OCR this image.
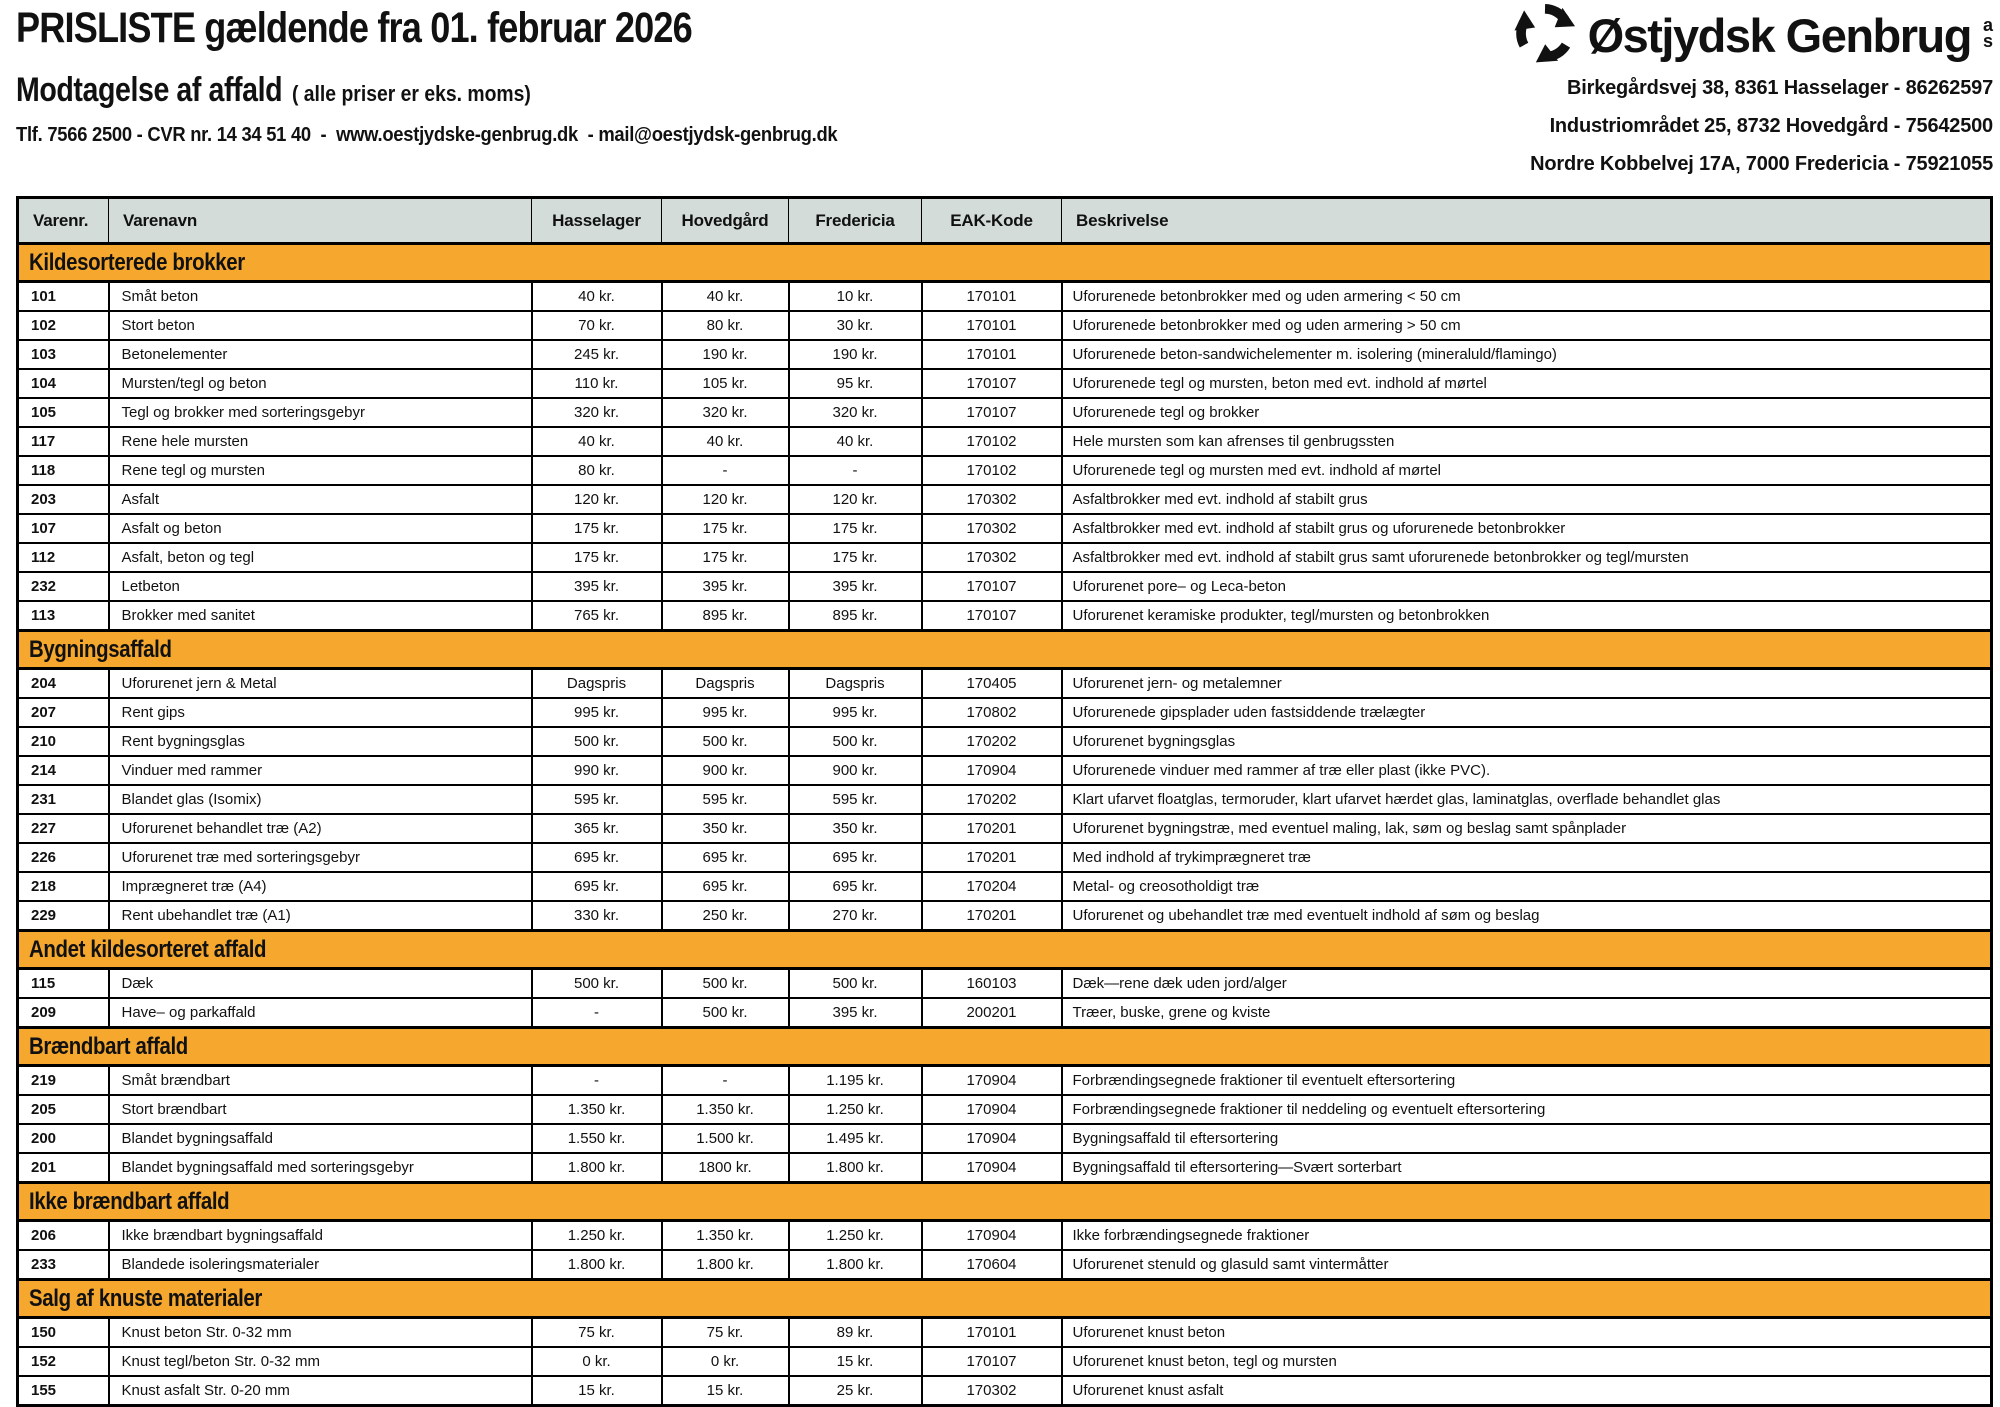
PRISLISTE gældende fra 01. februar 2026
Modtagelse af affald ( alle priser er eks. moms)
Tlf. 7566 2500 - CVR nr. 14 34 51 40  -  www.oestjydske-genbrug.dk  - mail@oestjydsk-genbrug.dk
Østjydsk Genbrug a
s
Birkegårdsvej 38, 8361 Hasselager - 86262597
Industriområdet 25, 8732 Hovedgård - 75642500
Nordre Kobbelvej 17A, 7000 Fredericia - 75921055
Varenr.	Varenavn	Hasselager	Hovedgård	Fredericia	EAK-Kode	Beskrivelse
Kildesorterede brokker						
101	Småt beton	40 kr.	40 kr.	10 kr.	170101	Uforurenede betonbrokker med og uden armering < 50 cm
102	Stort beton	70 kr.	80 kr.	30 kr.	170101	Uforurenede betonbrokker med og uden armering > 50 cm
103	Betonelementer	245 kr.	190 kr.	190 kr.	170101	Uforurenede beton-sandwichelementer m. isolering (mineraluld/flamingo)
104	Mursten/tegl og beton	110 kr.	105 kr.	95 kr.	170107	Uforurenede tegl og mursten, beton med evt. indhold af mørtel
105	Tegl og brokker med sorteringsgebyr	320 kr.	320 kr.	320 kr.	170107	Uforurenede tegl og brokker
117	Rene hele mursten	40 kr.	40 kr.	40 kr.	170102	Hele mursten som kan afrenses til genbrugssten
118	Rene tegl og mursten	80 kr.	-	-	170102	Uforurenede tegl og mursten med evt. indhold af mørtel
203	Asfalt	120 kr.	120 kr.	120 kr.	170302	Asfaltbrokker med evt. indhold af stabilt grus
107	Asfalt og beton	175 kr.	175 kr.	175 kr.	170302	Asfaltbrokker med evt. indhold af stabilt grus og uforurenede betonbrokker
112	Asfalt, beton og tegl	175 kr.	175 kr.	175 kr.	170302	Asfaltbrokker med evt. indhold af stabilt grus samt uforurenede betonbrokker og tegl/mursten
232	Letbeton	395 kr.	395 kr.	395 kr.	170107	Uforurenet pore– og Leca-beton
113	Brokker med sanitet	765 kr.	895 kr.	895 kr.	170107	Uforurenet keramiske produkter, tegl/mursten og betonbrokken
Bygningsaffald						
204	Uforurenet jern & Metal	Dagspris	Dagspris	Dagspris	170405	Uforurenet jern- og metalemner
207	Rent gips	995 kr.	995 kr.	995 kr.	170802	Uforurenede gipsplader uden fastsiddende trælægter
210	Rent bygningsglas	500 kr.	500 kr.	500 kr.	170202	Uforurenet bygningsglas
214	Vinduer med rammer	990 kr.	900 kr.	900 kr.	170904	Uforurenede vinduer med rammer af træ eller plast (ikke PVC).
231	Blandet glas (Isomix)	595 kr.	595 kr.	595 kr.	170202	Klart ufarvet floatglas, termoruder, klart ufarvet hærdet glas, laminatglas, overflade behandlet glas
227	Uforurenet behandlet træ (A2)	365 kr.	350 kr.	350 kr.	170201	Uforurenet bygningstræ, med eventuel maling, lak, søm og beslag samt spånplader
226	Uforurenet træ med sorteringsgebyr	695 kr.	695 kr.	695 kr.	170201	Med indhold af trykimprægneret træ
218	Imprægneret træ (A4)	695 kr.	695 kr.	695 kr.	170204	Metal- og creosotholdigt træ
229	Rent ubehandlet træ (A1)	330 kr.	250 kr.	270 kr.	170201	Uforurenet og ubehandlet træ med eventuelt indhold af søm og beslag
Andet kildesorteret affald						
115	Dæk	500 kr.	500 kr.	500 kr.	160103	Dæk—rene dæk uden jord/alger
209	Have– og parkaffald	-	500 kr.	395 kr.	200201	Træer, buske, grene og kviste
Brændbart affald						
219	Småt brændbart	-	-	1.195 kr.	170904	Forbrændingsegnede fraktioner til eventuelt eftersortering
205	Stort brændbart	1.350 kr.	1.350 kr.	1.250 kr.	170904	Forbrændingsegnede fraktioner til neddeling og eventuelt eftersortering
200	Blandet bygningsaffald	1.550 kr.	1.500 kr.	1.495 kr.	170904	Bygningsaffald til eftersortering
201	Blandet bygningsaffald med sorteringsgebyr	1.800 kr.	1800 kr.	1.800 kr.	170904	Bygningsaffald til eftersortering—Svært sorterbart
Ikke brændbart affald						
206	Ikke brændbart bygningsaffald	1.250 kr.	1.350 kr.	1.250 kr.	170904	Ikke forbrændingsegnede fraktioner
233	Blandede isoleringsmaterialer	1.800 kr.	1.800 kr.	1.800 kr.	170604	Uforurenet stenuld og glasuld samt vintermåtter
Salg af knuste materialer						
150	Knust beton Str. 0-32 mm	75 kr.	75 kr.	89 kr.	170101	Uforurenet knust beton
152	Knust tegl/beton Str. 0-32 mm	0 kr.	0 kr.	15 kr.	170107	Uforurenet knust beton, tegl og mursten
155	Knust asfalt Str. 0-20 mm	15 kr.	15 kr.	25 kr.	170302	Uforurenet knust asfalt
